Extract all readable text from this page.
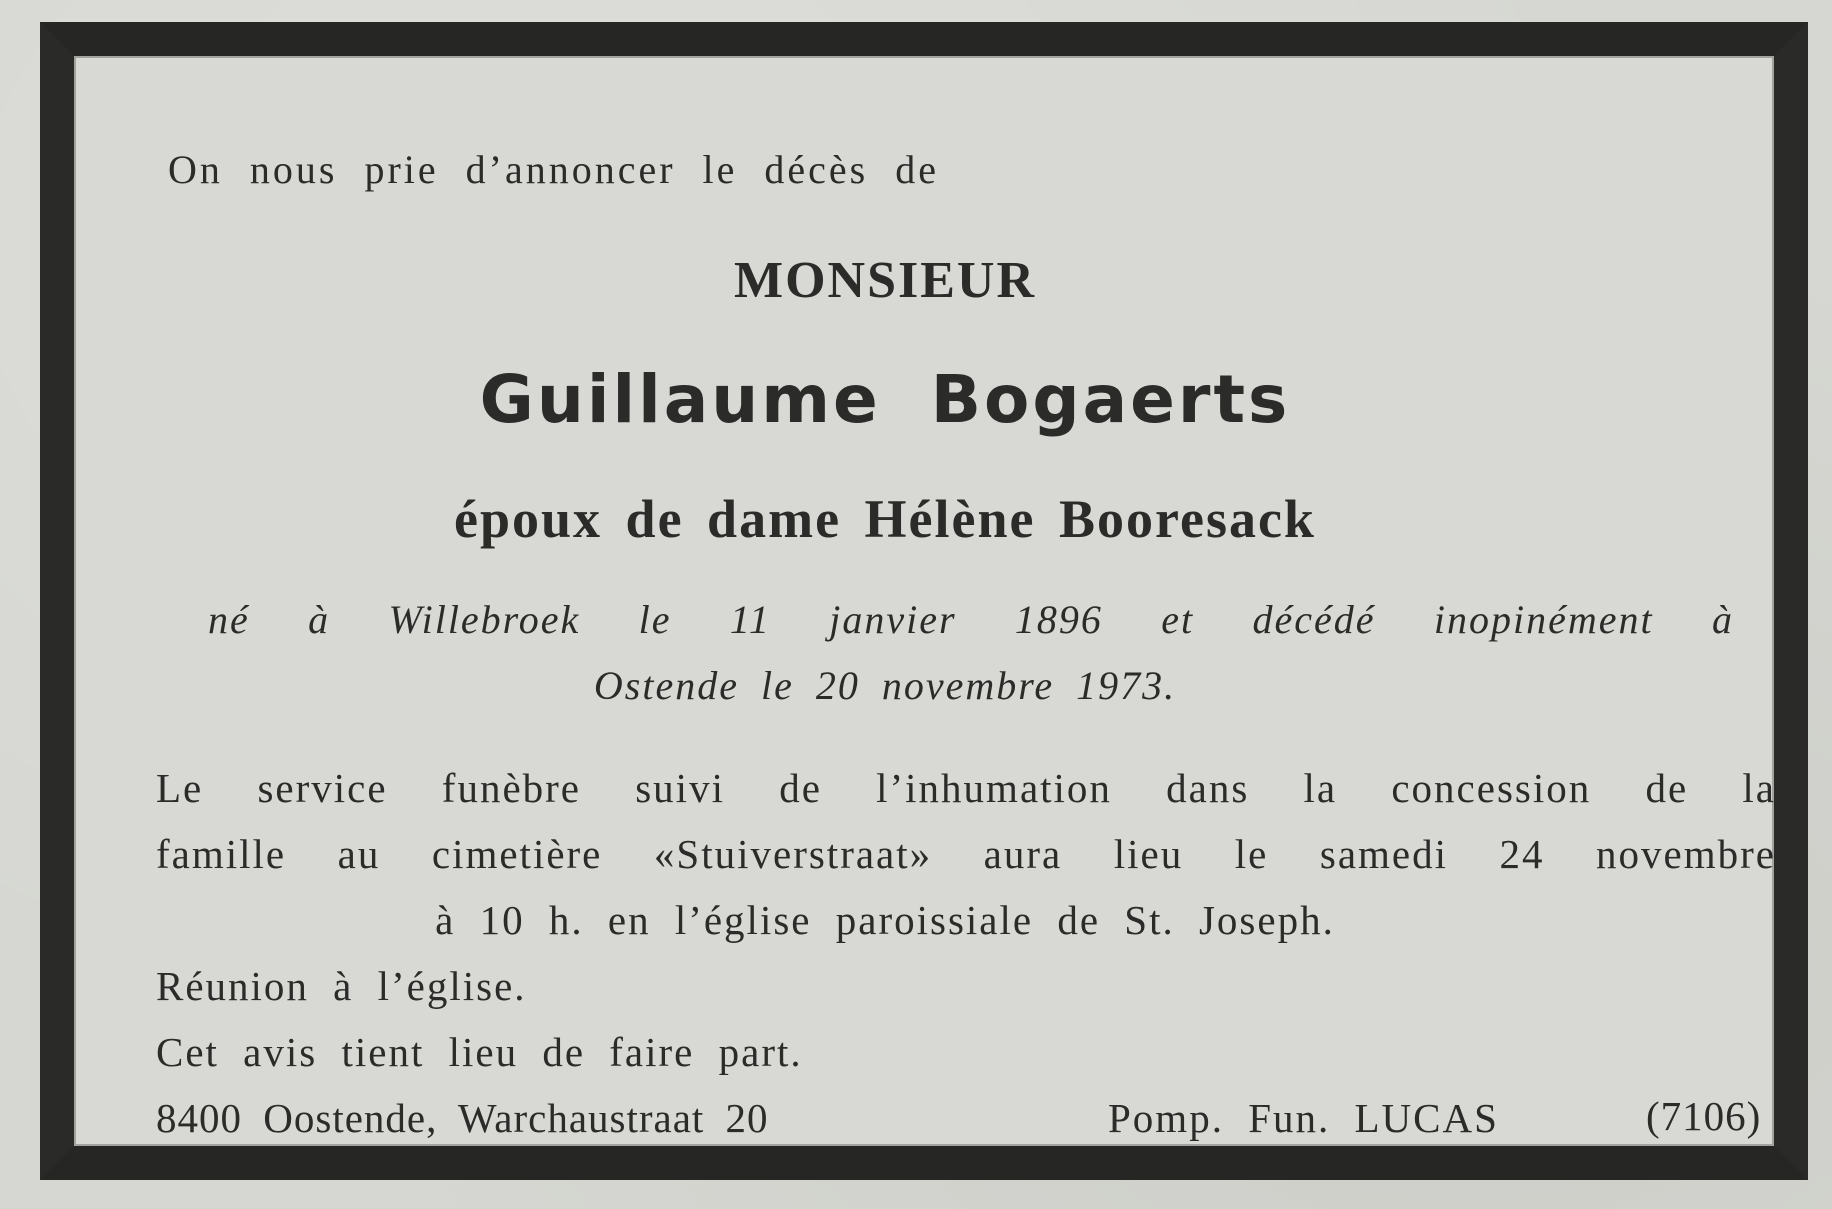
On nous prie d’annoncer le décès de
MONSIEUR
Guillaume Bogaerts
époux de dame Hélène Booresack
né à Willebroek le 11 janvier 1896 et décédé inopinément à
Ostende le 20 novembre 1973.
Le service funèbre suivi de l’inhumation dans la concession de la
famille au cimetière «Stuiverstraat» aura lieu le samedi 24 novembre
à 10 h. en l’église paroissiale de St. Joseph.
Réunion à l’église.
Cet avis tient lieu de faire part.
8400 Oostende, Warchaustraat 20	Pomp. Fun. LUCAS	(7106)
